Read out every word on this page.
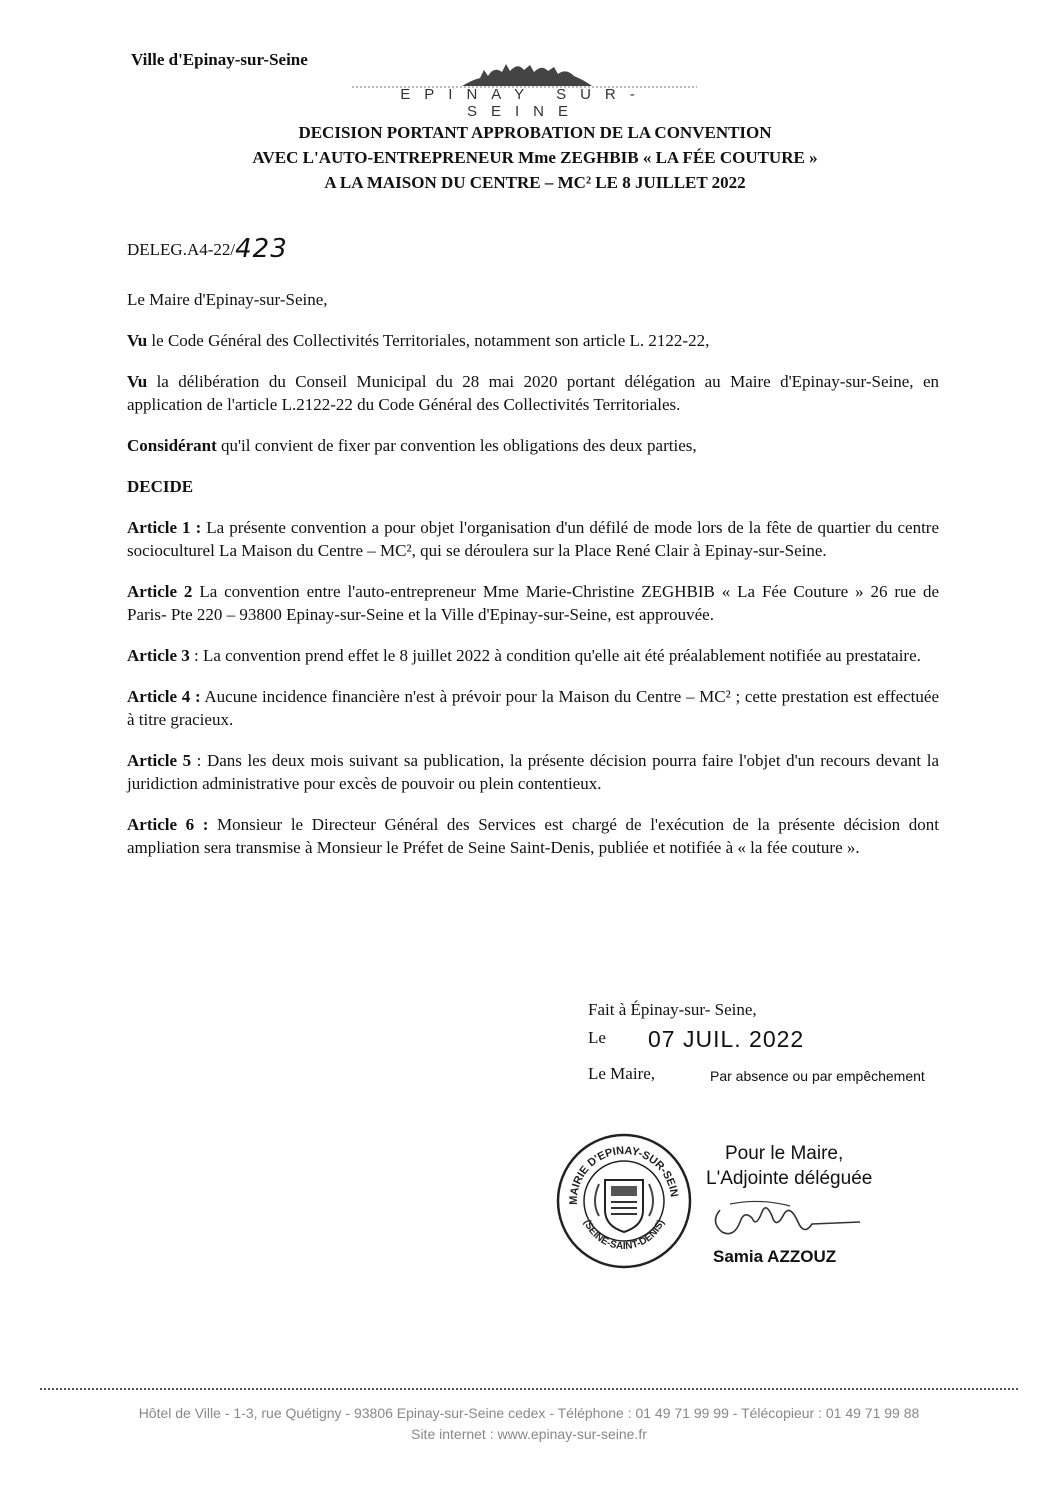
Ville d'Epinay-sur-Seine
EPINAY SUR-SEINE
DECISION PORTANT APPROBATION DE LA CONVENTION
AVEC L'AUTO-ENTREPRENEUR Mme ZEGHBIB « LA FÉE COUTURE »
A LA MAISON DU CENTRE – MC² LE 8 JUILLET 2022
DELEG.A4-22/423

Le Maire d'Epinay-sur-Seine,

Vu le Code Général des Collectivités Territoriales, notamment son article L. 2122-22,

Vu la délibération du Conseil Municipal du 28 mai 2020 portant délégation au Maire d'Epinay-sur-Seine, en application de l'article L.2122-22 du Code Général des Collectivités Territoriales.

Considérant qu'il convient de fixer par convention les obligations des deux parties,

DECIDE

Article 1 : La présente convention a pour objet l'organisation d'un défilé de mode lors de la fête de quartier du centre socioculturel La Maison du Centre – MC², qui se déroulera sur la Place René Clair à Epinay-sur-Seine.

Article 2 La convention entre l'auto-entrepreneur Mme Marie-Christine ZEGHBIB « La Fée Couture » 26 rue de Paris- Pte 220 – 93800 Epinay-sur-Seine et la Ville d'Epinay-sur-Seine, est approuvée.

Article 3 : La convention prend effet le 8 juillet 2022 à condition qu'elle ait été préalablement notifiée au prestataire.

Article 4 : Aucune incidence financière n'est à prévoir pour la Maison du Centre – MC² ; cette prestation est effectuée à titre gracieux.

Article 5 : Dans les deux mois suivant sa publication, la présente décision pourra faire l'objet d'un recours devant la juridiction administrative pour excès de pouvoir ou plein contentieux.

Article 6 : Monsieur le Directeur Général des Services est chargé de l'exécution de la présente décision dont ampliation sera transmise à Monsieur le Préfet de Seine Saint-Denis, publiée et notifiée à « la fée couture ».

Fait à Épinay-sur- Seine,
Le 07 JUIL. 2022
Le Maire,	Par absence ou par empêchement
MAIRIE D'EPINAY-SUR-SEIN
(SEINE-SAINT-DENIS)
Pour le Maire,
L'Adjointe déléguée
Samia AZZOUZ
Hôtel de Ville - 1-3, rue Quétigny - 93806 Epinay-sur-Seine cedex - Téléphone : 01 49 71 99 99 - Télécopieur : 01 49 71 99 88
Site internet : www.epinay-sur-seine.fr
